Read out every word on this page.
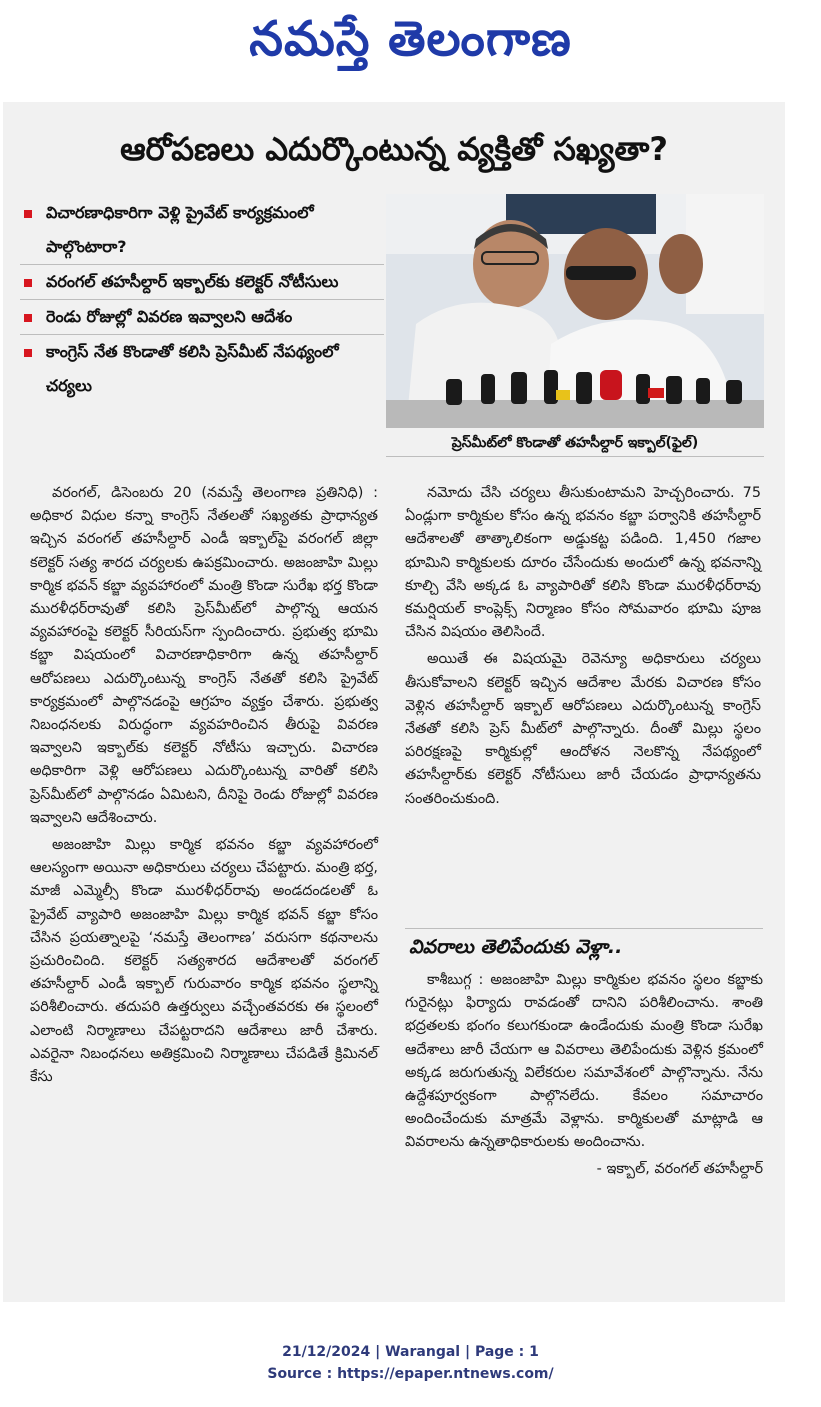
నమస్తే తెలంగాణ
ఆరోపణలు ఎదుర్కొంటున్న వ్యక్తితో సఖ్యతా?
విచారణాధికారిగా వెళ్లి ప్రైవేట్ కార్యక్రమంలో పాల్గొంటారా?
వరంగల్ తహసీల్దార్ ఇక్బాల్‌కు కలెక్టర్ నోటీసులు
రెండు రోజుల్లో వివరణ ఇవ్వాలని ఆదేశం
కాంగ్రెస్ నేత కొండాతో కలిసి ప్రెస్‌మీట్ నేపథ్యంలో చర్యలు
ప్రెస్‌మీట్‌లో కొండాతో తహసీల్దార్ ఇక్బాల్(ఫైల్)

వరంగల్, డిసెంబరు 20 (నమస్తే తెలంగాణ ప్రతినిధి) : అధికార విధుల కన్నా కాంగ్రెస్ నేతలతో సఖ్యతకు ప్రాధాన్యత ఇచ్చిన వరంగల్ తహసీల్దార్ ఎండీ ఇక్బాల్‌పై వరంగల్ జిల్లా కలెక్టర్ సత్య శారద చర్యలకు ఉపక్రమించారు. అజంజాహి మిల్లు కార్మిక భవన్ కబ్జా వ్యవహారంలో మంత్రి కొండా సురేఖ భర్త కొండా మురళీధర్‌రావుతో కలిసి ప్రెస్‌మీట్‌లో పాల్గొన్న ఆయన వ్యవహారంపై కలెక్టర్ సీరియస్‌గా స్పందించారు. ప్రభుత్వ భూమి కబ్జా విషయంలో విచారణాధికారిగా ఉన్న తహసీల్దార్ ఆరోపణలు ఎదుర్కొంటున్న కాంగ్రెస్ నేతతో కలిసి ప్రైవేట్ కార్యక్రమంలో పాల్గొనడంపై ఆగ్రహం వ్యక్తం చేశారు. ప్రభుత్వ నిబంధనలకు విరుద్ధంగా వ్యవహరించిన తీరుపై వివరణ ఇవ్వాలని ఇక్బాల్‌కు కలెక్టర్ నోటీసు ఇచ్చారు. విచారణ అధికారిగా వెళ్లి ఆరోపణలు ఎదుర్కొంటున్న వారితో కలిసి ప్రెస్‌మీట్‌లో పాల్గొనడం ఏమిటని, దీనిపై రెండు రోజుల్లో వివరణ ఇవ్వాలని ఆదేశించారు.

అజంజాహి మిల్లు కార్మిక భవనం కబ్జా వ్యవహారంలో ఆలస్యంగా అయినా అధికారులు చర్యలు చేపట్టారు. మంత్రి భర్త, మాజీ ఎమ్మెల్సీ కొండా మురళీధర్‌రావు అండదండలతో ఓ ప్రైవేట్ వ్యాపారి అజంజాహి మిల్లు కార్మిక భవన్ కబ్జా కోసం చేసిన ప్రయత్నాలపై ‘నమస్తే తెలంగాణ’ వరుసగా కథనాలను ప్రచురించింది. కలెక్టర్ సత్యశారద ఆదేశాలతో వరంగల్ తహసీల్దార్ ఎండీ ఇక్బాల్ గురువారం కార్మిక భవనం స్థలాన్ని పరిశీలించారు. తదుపరి ఉత్తర్వులు వచ్చేంతవరకు ఈ స్థలంలో ఎలాంటి నిర్మాణాలు చేపట్టరాదని ఆదేశాలు జారీ చేశారు. ఎవరైనా నిబంధనలు అతిక్రమించి నిర్మాణాలు చేపడితే క్రిమినల్ కేసు

నమోదు చేసి చర్యలు తీసుకుంటామని హెచ్చరించారు. 75 ఏండ్లుగా కార్మికుల కోసం ఉన్న భవనం కబ్జా పర్వానికి తహసీల్దార్ ఆదేశాలతో తాత్కాలికంగా అడ్డుకట్ట పడింది. 1,450 గజాల భూమిని కార్మికులకు దూరం చేసేందుకు అందులో ఉన్న భవనాన్ని కూల్చి వేసి అక్కడ ఓ వ్యాపారితో కలిసి కొండా మురళీధర్‌రావు కమర్షియల్ కాంప్లెక్స్ నిర్మాణం కోసం సోమవారం భూమి పూజ చేసిన విషయం తెలిసిందే.

అయితే ఈ విషయమై రెవెన్యూ అధికారులు చర్యలు తీసుకోవాలని కలెక్టర్ ఇచ్చిన ఆదేశాల మేరకు విచారణ కోసం వెళ్లిన తహసీల్దార్ ఇక్బాల్ ఆరోపణలు ఎదుర్కొంటున్న కాంగ్రెస్ నేతతో కలిసి ప్రెస్ మీట్‌లో పాల్గొన్నారు. దీంతో మిల్లు స్థలం పరిరక్షణపై కార్మికుల్లో ఆందోళన నెలకొన్న నేపథ్యంలో తహసీల్దార్‌కు కలెక్టర్ నోటీసులు జారీ చేయడం ప్రాధాన్యతను సంతరించుకుంది.

వివరాలు తెలిపేందుకు వెళ్లా..

కాశీబుగ్గ : అజంజాహి మిల్లు కార్మికుల భవనం స్థలం కబ్జాకు గురైనట్లు ఫిర్యాదు రావడంతో దానిని పరిశీలించాను. శాంతి భద్రతలకు భంగం కలుగకుండా ఉండేందుకు మంత్రి కొండా సురేఖ ఆదేశాలు జారీ చేయగా ఆ వివరాలు తెలిపేందుకు వెళ్లిన క్రమంలో అక్కడ జరుగుతున్న విలేకరుల సమావేశంలో పాల్గొన్నాను. నేను ఉద్దేశపూర్వకంగా పాల్గొనలేదు. కేవలం సమాచారం అందించేందుకు మాత్రమే వెళ్లాను. కార్మికులతో మాట్లాడి ఆ వివరాలను ఉన్నతాధికారులకు అందించాను.

- ఇక్బాల్, వరంగల్ తహసీల్దార్
21/12/2024 | Warangal | Page : 1
Source : https://epaper.ntnews.com/
